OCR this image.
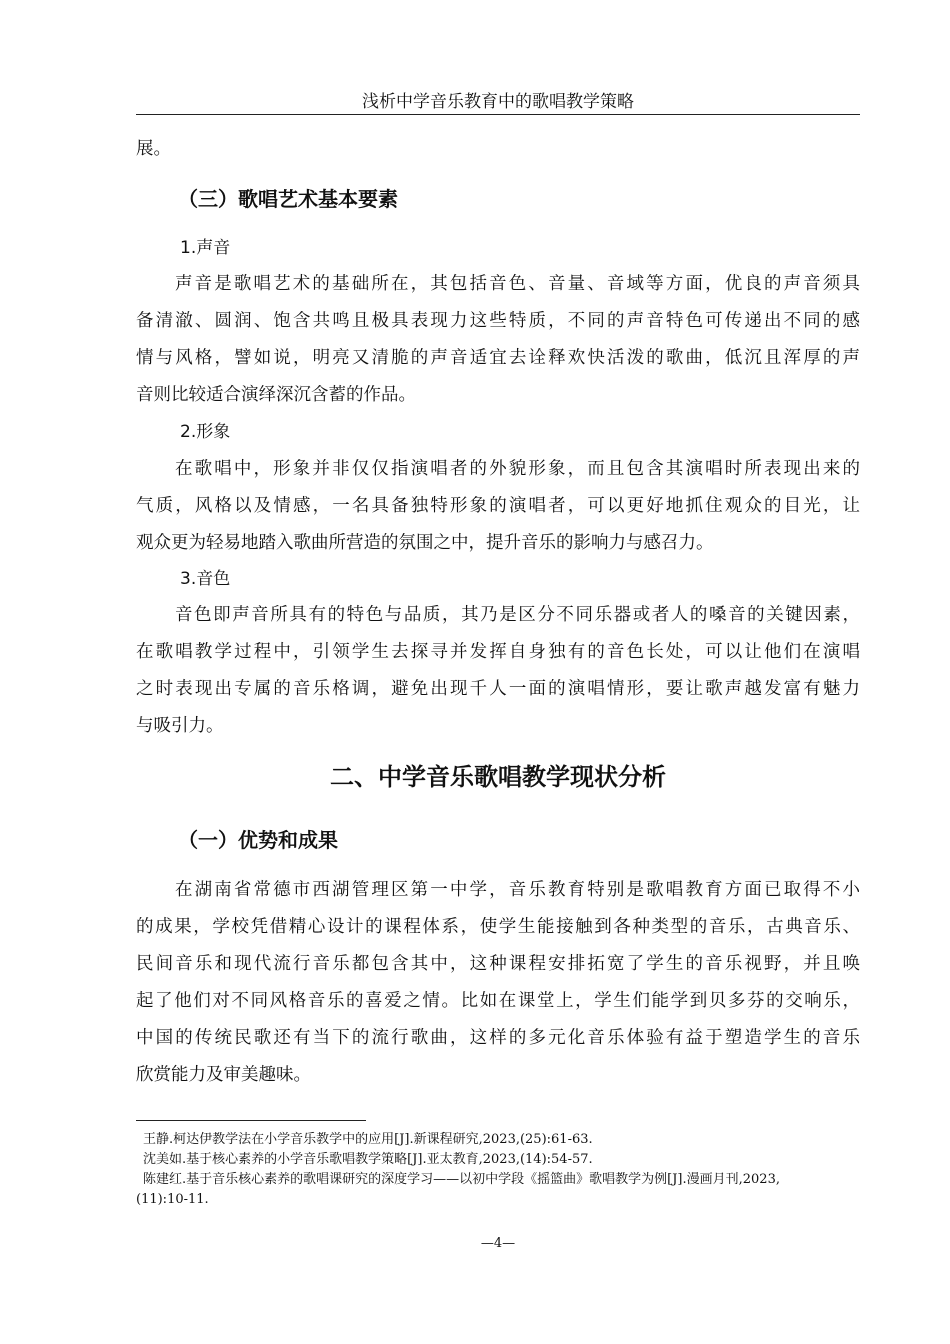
浅析中学音乐教育中的歌唱教学策略
展。
（三）歌唱艺术基本要素
1.声音
声音是歌唱艺术的基础所在，其包括音色、音量、音域等方面，优良的声音须具
备清澈、圆润、饱含共鸣且极具表现力这些特质，不同的声音特色可传递出不同的感
情与风格，譬如说，明亮又清脆的声音适宜去诠释欢快活泼的歌曲，低沉且浑厚的声
音则比较适合演绎深沉含蓄的作品。
2.形象
在歌唱中，形象并非仅仅指演唱者的外貌形象，而且包含其演唱时所表现出来的
气质，风格以及情感，一名具备独特形象的演唱者，可以更好地抓住观众的目光，让
观众更为轻易地踏入歌曲所营造的氛围之中，提升音乐的影响力与感召力。
3.音色
音色即声音所具有的特色与品质，其乃是区分不同乐器或者人的嗓音的关键因素，
在歌唱教学过程中，引领学生去探寻并发挥自身独有的音色长处，可以让他们在演唱
之时表现出专属的音乐格调，避免出现千人一面的演唱情形，要让歌声越发富有魅力
与吸引力。
二、中学音乐歌唱教学现状分析
（一）优势和成果
在湖南省常德市西湖管理区第一中学，音乐教育特别是歌唱教育方面已取得不小
的成果，学校凭借精心设计的课程体系，使学生能接触到各种类型的音乐，古典音乐、
民间音乐和现代流行音乐都包含其中，这种课程安排拓宽了学生的音乐视野，并且唤
起了他们对不同风格音乐的喜爱之情。比如在课堂上，学生们能学到贝多芬的交响乐，
中国的传统民歌还有当下的流行歌曲，这样的多元化音乐体验有益于塑造学生的音乐
欣赏能力及审美趣味。
王静.柯达伊教学法在小学音乐教学中的应用[J].新课程研究,2023,(25):61-63.
沈美如.基于核心素养的小学音乐歌唱教学策略[J].亚太教育,2023,(14):54-57.
陈建红.基于音乐核心素养的歌唱课研究的深度学习——以初中学段《摇篮曲》歌唱教学为例[J].漫画月刊,2023,
(11):10-11.
—4—
